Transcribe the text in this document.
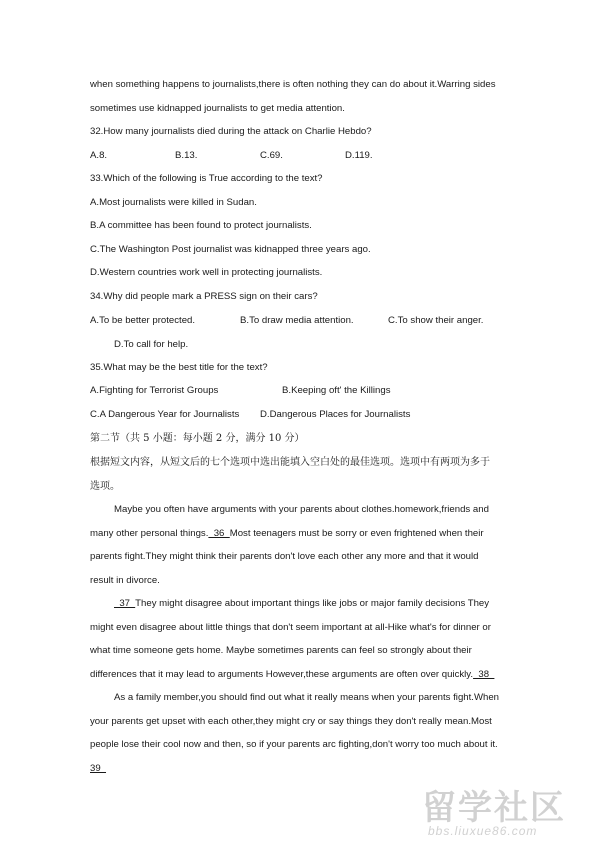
when something happens to journalists,there is often nothing they can do about it.Warring sides
sometimes use kidnapped journalists to get media attention.
32.How many journalists died during the attack on Charlie Hebdo?
A.8.	B.13.	C.69.	D.119.
33.Which of the following is True according to the text?
A.Most journalists were killed in Sudan.
B.A committee has been found to protect journalists.
C.The Washington Post journalist was kidnapped three years ago.
D.Western countries work well in protecting journalists.
34.Why did people mark a PRESS sign on their cars?
A.To be better protected.	B.To draw media attention.	C.To show their anger.
D.To call for help.
35.What may be the best title for the text?
A.Fighting for Terrorist Groups	B.Keeping oft' the Killings
C.A Dangerous Year for Journalists D.Dangerous Places for Journalists
第二节（共 5 小题：每小题 2 分，满分 10 分）
根据短文内容，从短文后的七个选项中选出能填入空白处的最佳选项。选项中有两项为多于
选项。
Maybe you often have arguments with your parents about clothes.homework,friends and
many other personal things.  36  Most teenagers must be sorry or even frightened when their
parents fight.They might think their parents don't love each other any more and that it would
result in divorce.
37  They might disagree about important things like jobs or major family decisions They
might even disagree about little things that don't seem important at all-Hike what's for dinner or
what time someone gets home. Maybe sometimes parents can feel so strongly about their
differences that it may lead to arguments However,these arguments are often over quickly.  38
As a family member,you should find out what it really means when your parents fight.When
your parents get upset with each other,they might cry or say things they don't really mean.Most
people lose their cool now and then, so if your parents arc fighting,don't worry too much about it.
39
留学社区
bbs.liuxue86.com
